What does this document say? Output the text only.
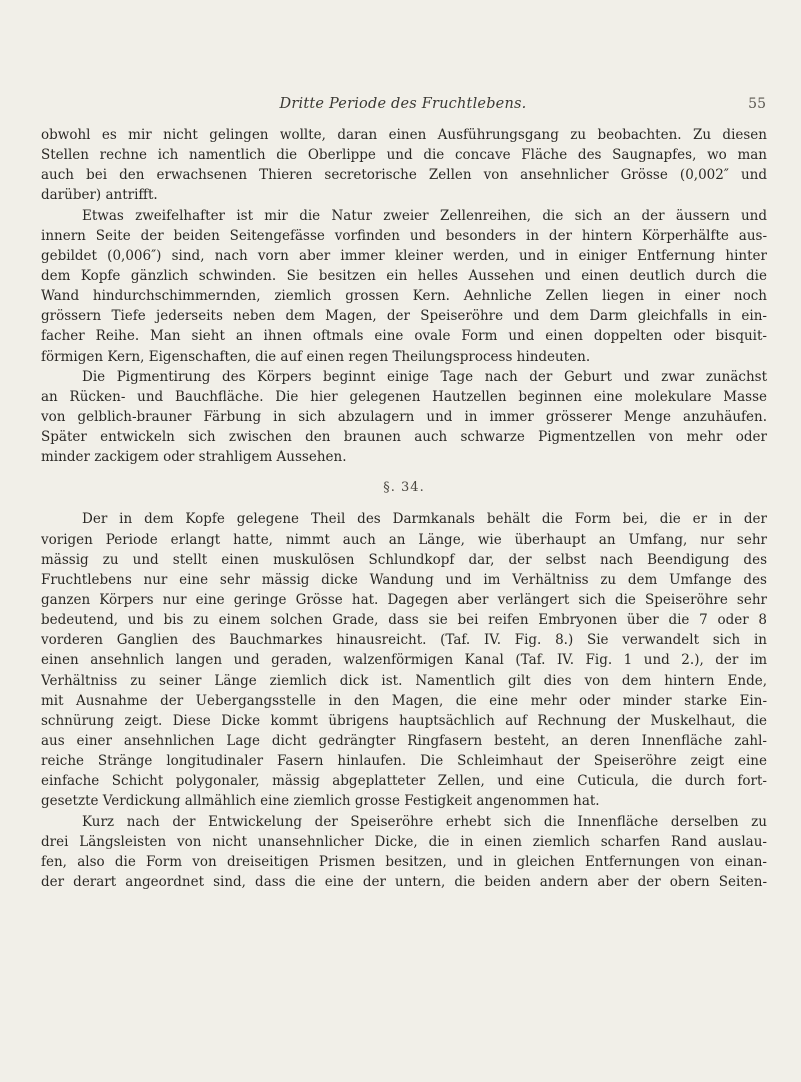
Dritte Periode des Fruchtlebens.	55
obwohl es mir nicht gelingen wollte, daran einen Ausführungsgang zu beobachten. Zu diesen
Stellen rechne ich namentlich die Oberlippe und die concave Fläche des Saugnapfes, wo man
auch bei den erwachsenen Thieren secretorische Zellen von ansehnlicher Grösse (0,002″ und
darüber) antrifft.
Etwas zweifelhafter ist mir die Natur zweier Zellenreihen, die sich an der äussern und
innern Seite der beiden Seitengefässe vorfinden und besonders in der hintern Körperhälfte aus-
gebildet (0,006″) sind, nach vorn aber immer kleiner werden, und in einiger Entfernung hinter
dem Kopfe gänzlich schwinden. Sie besitzen ein helles Aussehen und einen deutlich durch die
Wand hindurchschimmernden, ziemlich grossen Kern. Aehnliche Zellen liegen in einer noch
grössern Tiefe jederseits neben dem Magen, der Speiseröhre und dem Darm gleichfalls in ein-
facher Reihe. Man sieht an ihnen oftmals eine ovale Form und einen doppelten oder bisquit-
förmigen Kern, Eigenschaften, die auf einen regen Theilungsprocess hindeuten.
Die Pigmentirung des Körpers beginnt einige Tage nach der Geburt und zwar zunächst
an Rücken- und Bauchfläche. Die hier gelegenen Hautzellen beginnen eine molekulare Masse
von gelblich-brauner Färbung in sich abzulagern und in immer grösserer Menge anzuhäufen.
Später entwickeln sich zwischen den braunen auch schwarze Pigmentzellen von mehr oder
minder zackigem oder strahligem Aussehen.
§. 34.
Der in dem Kopfe gelegene Theil des Darmkanals behält die Form bei, die er in der
vorigen Periode erlangt hatte, nimmt auch an Länge, wie überhaupt an Umfang, nur sehr
mässig zu und stellt einen muskulösen Schlundkopf dar, der selbst nach Beendigung des
Fruchtlebens nur eine sehr mässig dicke Wandung und im Verhältniss zu dem Umfange des
ganzen Körpers nur eine geringe Grösse hat. Dagegen aber verlängert sich die Speiseröhre sehr
bedeutend, und bis zu einem solchen Grade, dass sie bei reifen Embryonen über die 7 oder 8
vorderen Ganglien des Bauchmarkes hinausreicht. (Taf. IV. Fig. 8.) Sie verwandelt sich in
einen ansehnlich langen und geraden, walzenförmigen Kanal (Taf. IV. Fig. 1 und 2.), der im
Verhältniss zu seiner Länge ziemlich dick ist. Namentlich gilt dies von dem hintern Ende,
mit Ausnahme der Uebergangsstelle in den Magen, die eine mehr oder minder starke Ein-
schnürung zeigt. Diese Dicke kommt übrigens hauptsächlich auf Rechnung der Muskelhaut, die
aus einer ansehnlichen Lage dicht gedrängter Ringfasern besteht, an deren Innenfläche zahl-
reiche Stränge longitudinaler Fasern hinlaufen. Die Schleimhaut der Speiseröhre zeigt eine
einfache Schicht polygonaler, mässig abgeplatteter Zellen, und eine Cuticula, die durch fort-
gesetzte Verdickung allmählich eine ziemlich grosse Festigkeit angenommen hat.
Kurz nach der Entwickelung der Speiseröhre erhebt sich die Innenfläche derselben zu
drei Längsleisten von nicht unansehnlicher Dicke, die in einen ziemlich scharfen Rand auslau-
fen, also die Form von dreiseitigen Prismen besitzen, und in gleichen Entfernungen von einan-
der derart angeordnet sind, dass die eine der untern, die beiden andern aber der obern Seiten-
